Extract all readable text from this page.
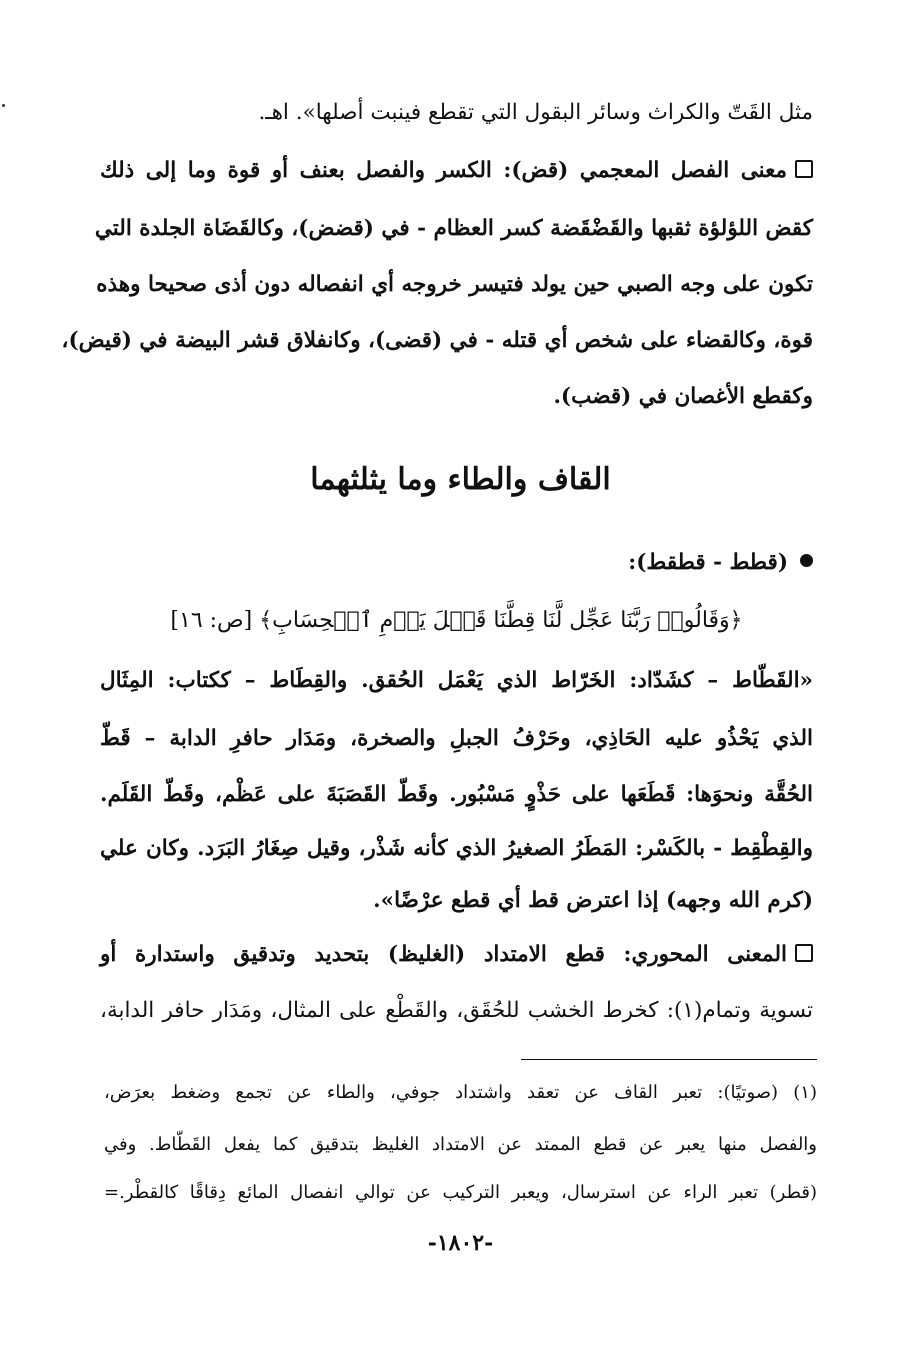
مثل القَتّ والكراث وسائر البقول التي تقطع فينبت أصلها». اهـ.
معنى الفصل المعجمي (قض): الكسر والفصل بعنف أو قوة وما إلى ذلك
كقض اللؤلؤة ثقبها والقَضْقَضة كسر العظام - في (قضض)، وكالقَضَاة الجلدة التي
تكون على وجه الصبي حين يولد فتيسر خروجه أي انفصاله دون أذى صحيحا وهذه
قوة، وكالقضاء على شخص أي قتله - في (قضى)، وكانفلاق قشر البيضة في (قيض)،
وكقطع الأغصان في (قضب).
القاف والطاء وما يثلثهما
(قطط - قطقط):
﴿وَقَالُوا۟ رَبَّنَا عَجِّل لَّنَا قِطَّنَا قَبۡلَ يَوۡمِ ٱلۡحِسَابِ﴾ [ص: ١٦]
«القَطّاط – كشَدّاد: الخَرّاط الذي يَعْمَل الحُقق. والقِطَاط – ككتاب: المِثَال
الذي يَحْذُو عليه الحَاذِي، وحَرْفُ الجبلِ والصخرة، ومَدَار حافرِ الدابة – قَطّ
الحُقَّة ونحوَها: قَطَعَها على حَذْوٍ مَسْبُور. وقَطّ القَصَبَةَ على عَظْم، وقَطّ القَلَم.
والقِطْقِط - بالكَسْر: المَطَرُ الصغيرُ الذي كأنه شَذْر، وقيل صِغَارُ البَرَد. وكان علي
(كرم الله وجهه) إذا اعترض قط أي قطع عرْضًا».
المعنى المحوري: قطع الامتداد (الغليظ) بتحديد وتدقيق واستدارة أو
تسوية وتمام(١): كخرط الخشب للحُقَق، والقَطْع على المثال، ومَدَار حافر الدابة،
(١) (صوتيًا): تعبر القاف عن تعقد واشتداد جوفي، والطاء عن تجمع وضغط بعرَض،
والفصل منها يعبر عن قطع الممتد عن الامتداد الغليظ بتدقيق كما يفعل القَطّاط. وفي
(قطر) تعبر الراء عن استرسال، ويعبر التركيب عن توالي انفصال المائع دِقاقًا كالقطْر.=
-١٨٠٢-
